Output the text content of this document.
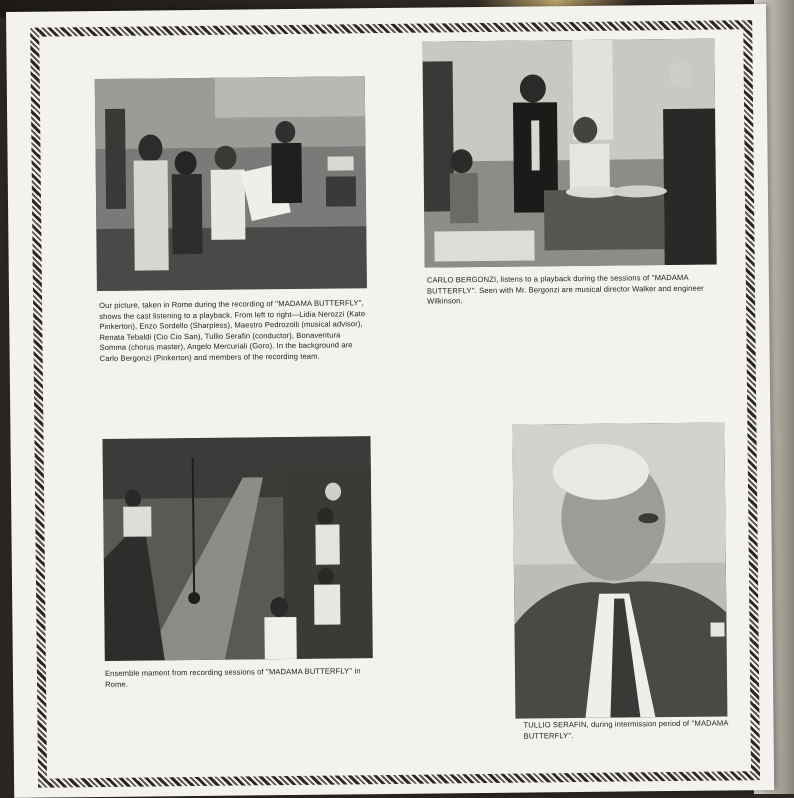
Our picture, taken in Rome during the recording of ''MADAMA BUTTERFLY'', shows the cast listening to a playback. From left to right—Lidia Nerozzi (Kate Pinkerton), Enzo Sordello (Sharpless), Maestro Pedrozolli (musical advisor), Renata Tebaldi (Cio Cio San), Tullio Serafin (conductor), Bonaventura Somma (chorus master), Angelo Mercuriali (Goro). In the background are Carlo Bergonzi (Pinkerton) and members of the recording team.

CARLO BERGONZI, listens to a playback during the sessions of ''MADAMA BUTTERFLY''. Seen with Mr. Bergonzi are musical director Walker and engineer Wilkinson.

Ensemble mament from recording sessions of ''MADAMA BUTTERFLY'' in Rome.

TULLIO SERAFIN, during intermission period of ''MADAMA BUTTERFLY''.
